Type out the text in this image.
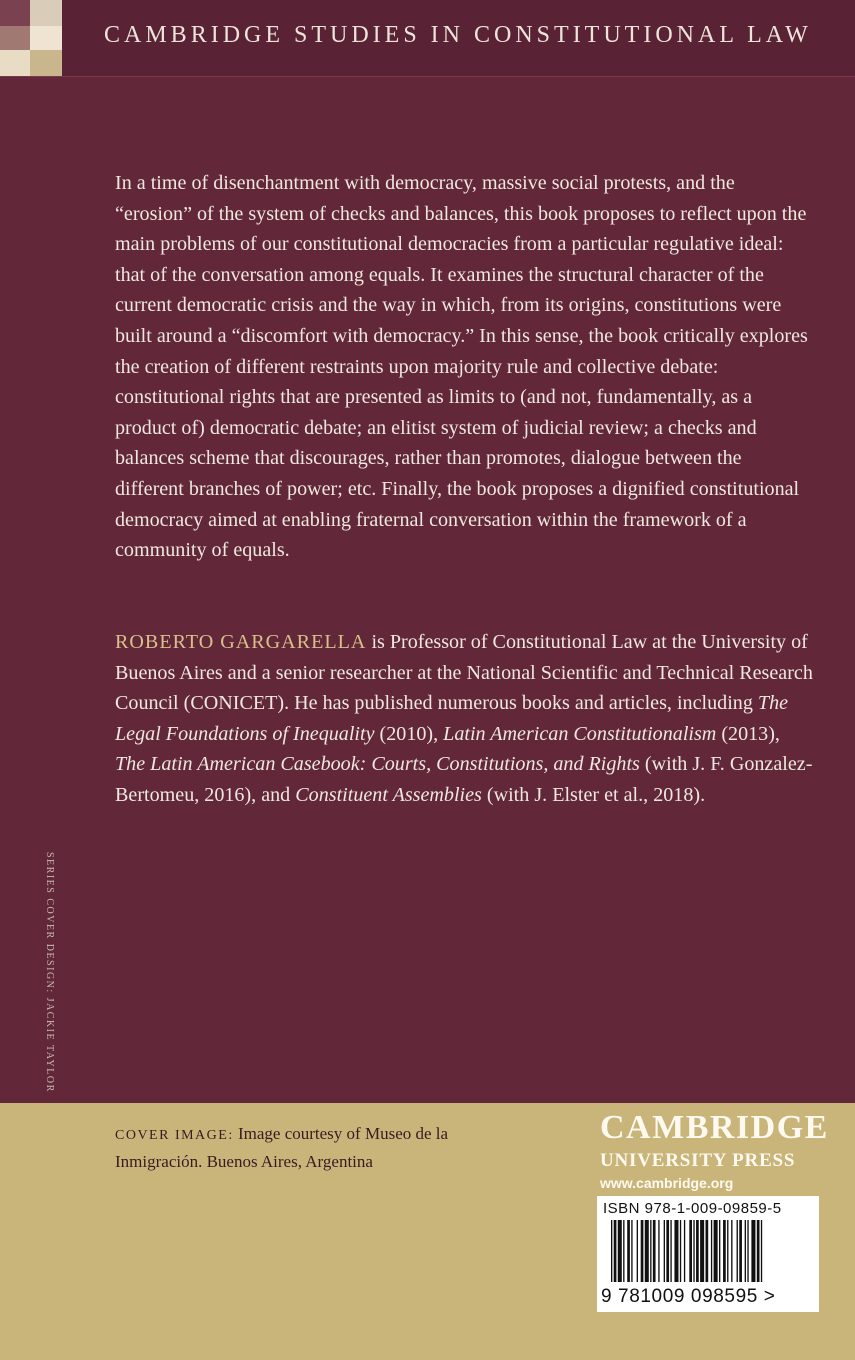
CAMBRIDGE STUDIES IN CONSTITUTIONAL LAW

In a time of disenchantment with democracy, massive social protests, and the “erosion” of the system of checks and balances, this book proposes to reflect upon the main problems of our constitutional democracies from a particular regulative ideal: that of the conversation among equals. It examines the structural character of the current democratic crisis and the way in which, from its origins, constitutions were built around a “discomfort with democracy.” In this sense, the book critically explores the creation of different restraints upon majority rule and collective debate: constitutional rights that are presented as limits to (and not, fundamentally, as a product of) democratic debate; an elitist system of judicial review; a checks and balances scheme that discourages, rather than promotes, dialogue between the different branches of power; etc. Finally, the book proposes a dignified constitutional democracy aimed at enabling fraternal conversation within the framework of a community of equals.

ROBERTO GARGARELLA is Professor of Constitutional Law at the University of Buenos Aires and a senior researcher at the National Scientific and Technical Research Council (CONICET). He has published numerous books and articles, including The Legal Foundations of Inequality (2010), Latin American Constitutionalism (2013), The Latin American Casebook: Courts, Constitutions, and Rights (with J. F. Gonzalez-Bertomeu, 2016), and Constituent Assemblies (with J. Elster et al., 2018).
SERIES COVER DESIGN: JACKIE TAYLOR
COVER IMAGE: Image courtesy of Museo de la Inmigración. Buenos Aires, Argentina
CAMBRIDGE
UNIVERSITY PRESS
www.cambridge.org
ISBN 978-1-009-09859-5
9 781009 098595 >
